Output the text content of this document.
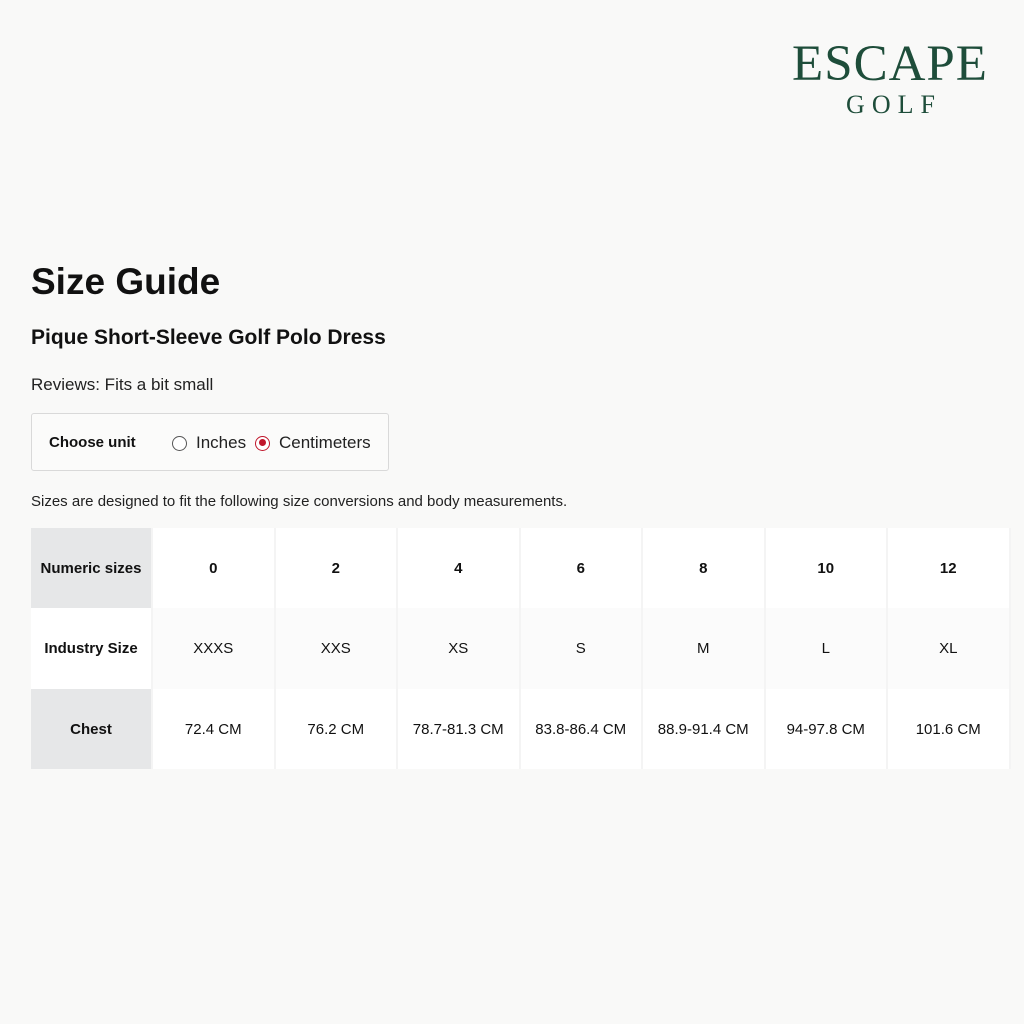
ESCAPE
GOLF
Size Guide
Pique Short-Sleeve Golf Polo Dress
Reviews: Fits a bit small
Choose unit	Inches Centimeters
Sizes are designed to fit the following size conversions and body measurements.
Numeric sizes	0	2	4	6	8	10	12
Industry Size	XXXS	XXS	XS	S	M	L	XL
Chest	72.4 CM	76.2 CM	78.7-81.3 CM	83.8-86.4 CM	88.9-91.4 CM	94-97.8 CM	101.6 CM
